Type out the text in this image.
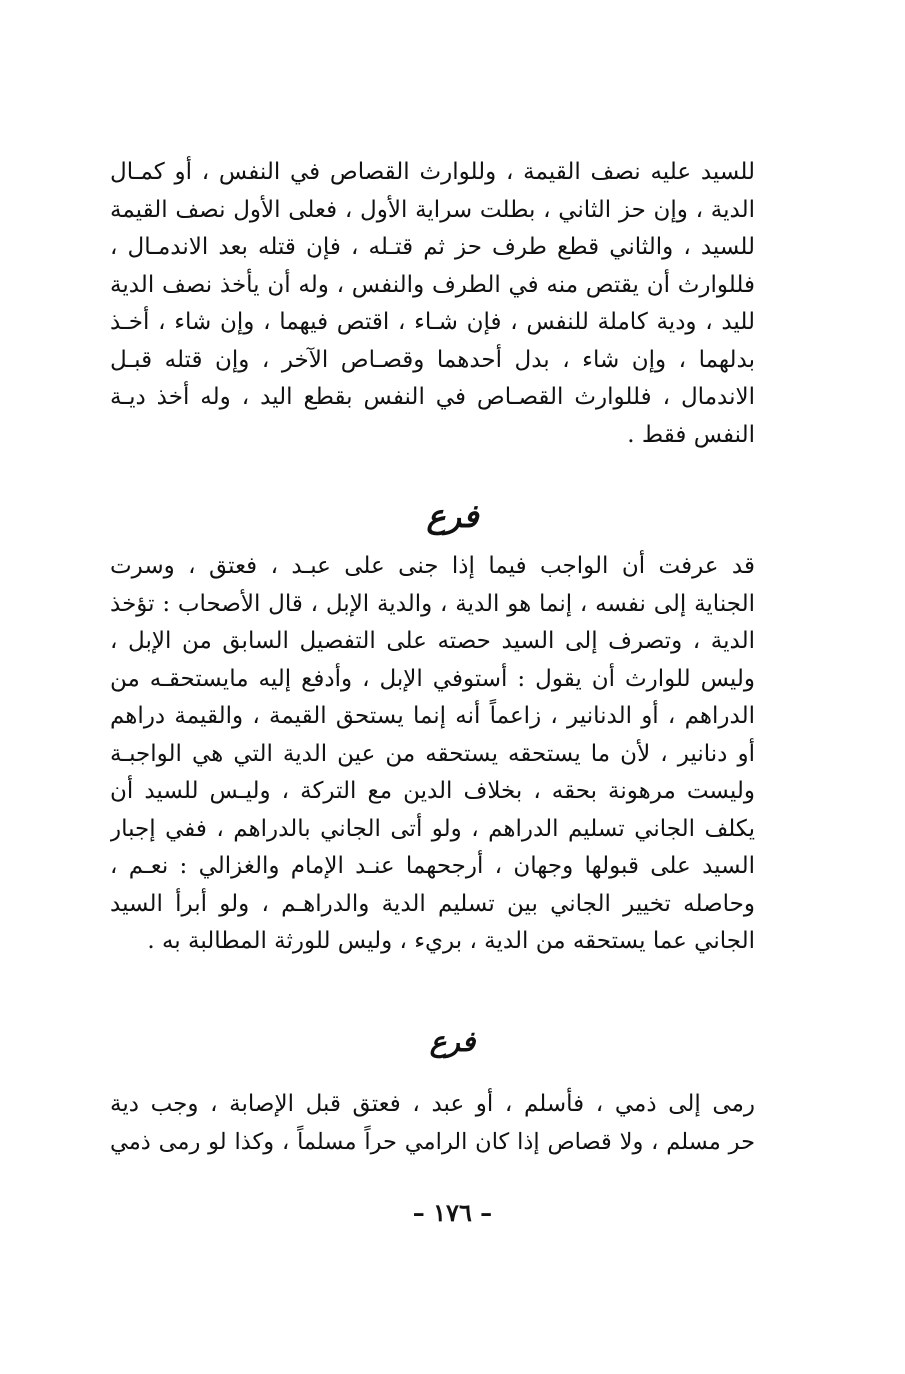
للسيد عليه نصف القيمة ، وللوارث القصاص في النفس ، أو كمـال
الدية ، وإن حز الثاني ، بطلت سراية الأول ، فعلى الأول نصف القيمة
للسيد ، والثاني قطع طرف حز ثم قتـله ، فإن قتله بعد الاندمـال ،
فللوارث أن يقتص منه في الطرف والنفس ، وله أن يأخذ نصف الدية
لليد ، ودية كاملة للنفس ، فإن شـاء ، اقتص فيهما ، وإن شاء ، أخـذ
بدلهما ، وإن شاء ، بدل أحدهما وقصـاص الآخر ، وإن قتله قبـل
الاندمال ، فللوارث القصـاص في النفس بقطع اليد ، وله أخذ ديـة
النفس فقط .
فرع
قد عرفت أن الواجب فيما إذا جنى على عبـد ، فعتق ، وسرت
الجناية إلى نفسه ، إنما هو الدية ، والدية الإبل ، قال الأصحاب : تؤخذ
الدية ، وتصرف إلى السيد حصته على التفصيل السابق من الإبل ،
وليس للوارث أن يقول : أستوفي الإبل ، وأدفع إليه مايستحقـه من
الدراهم ، أو الدنانير ، زاعماً أنه إنما يستحق القيمة ، والقيمة دراهم
أو دنانير ، لأن ما يستحقه يستحقه من عين الدية التي هي الواجبـة
وليست مرهونة بحقه ، بخلاف الدين مع التركة ، وليـس للسيد أن
يكلف الجاني تسليم الدراهم ، ولو أتى الجاني بالدراهم ، ففي إجبار
السيد على قبولها وجهان ، أرجحهما عنـد الإمام والغزالي : نعـم ،
وحاصله تخيير الجاني بين تسليم الدية والدراهـم ، ولو أبرأ السيد
الجاني عما يستحقه من الدية ، بريء ، وليس للورثة المطالبة به .
فرع
رمى إلى ذمي ، فأسلم ، أو عبد ، فعتق قبل الإصابة ، وجب دية
حر مسلم ، ولا قصاص إذا كان الرامي حراً مسلماً ، وكذا لو رمى ذمي
– ١٧٦ –
